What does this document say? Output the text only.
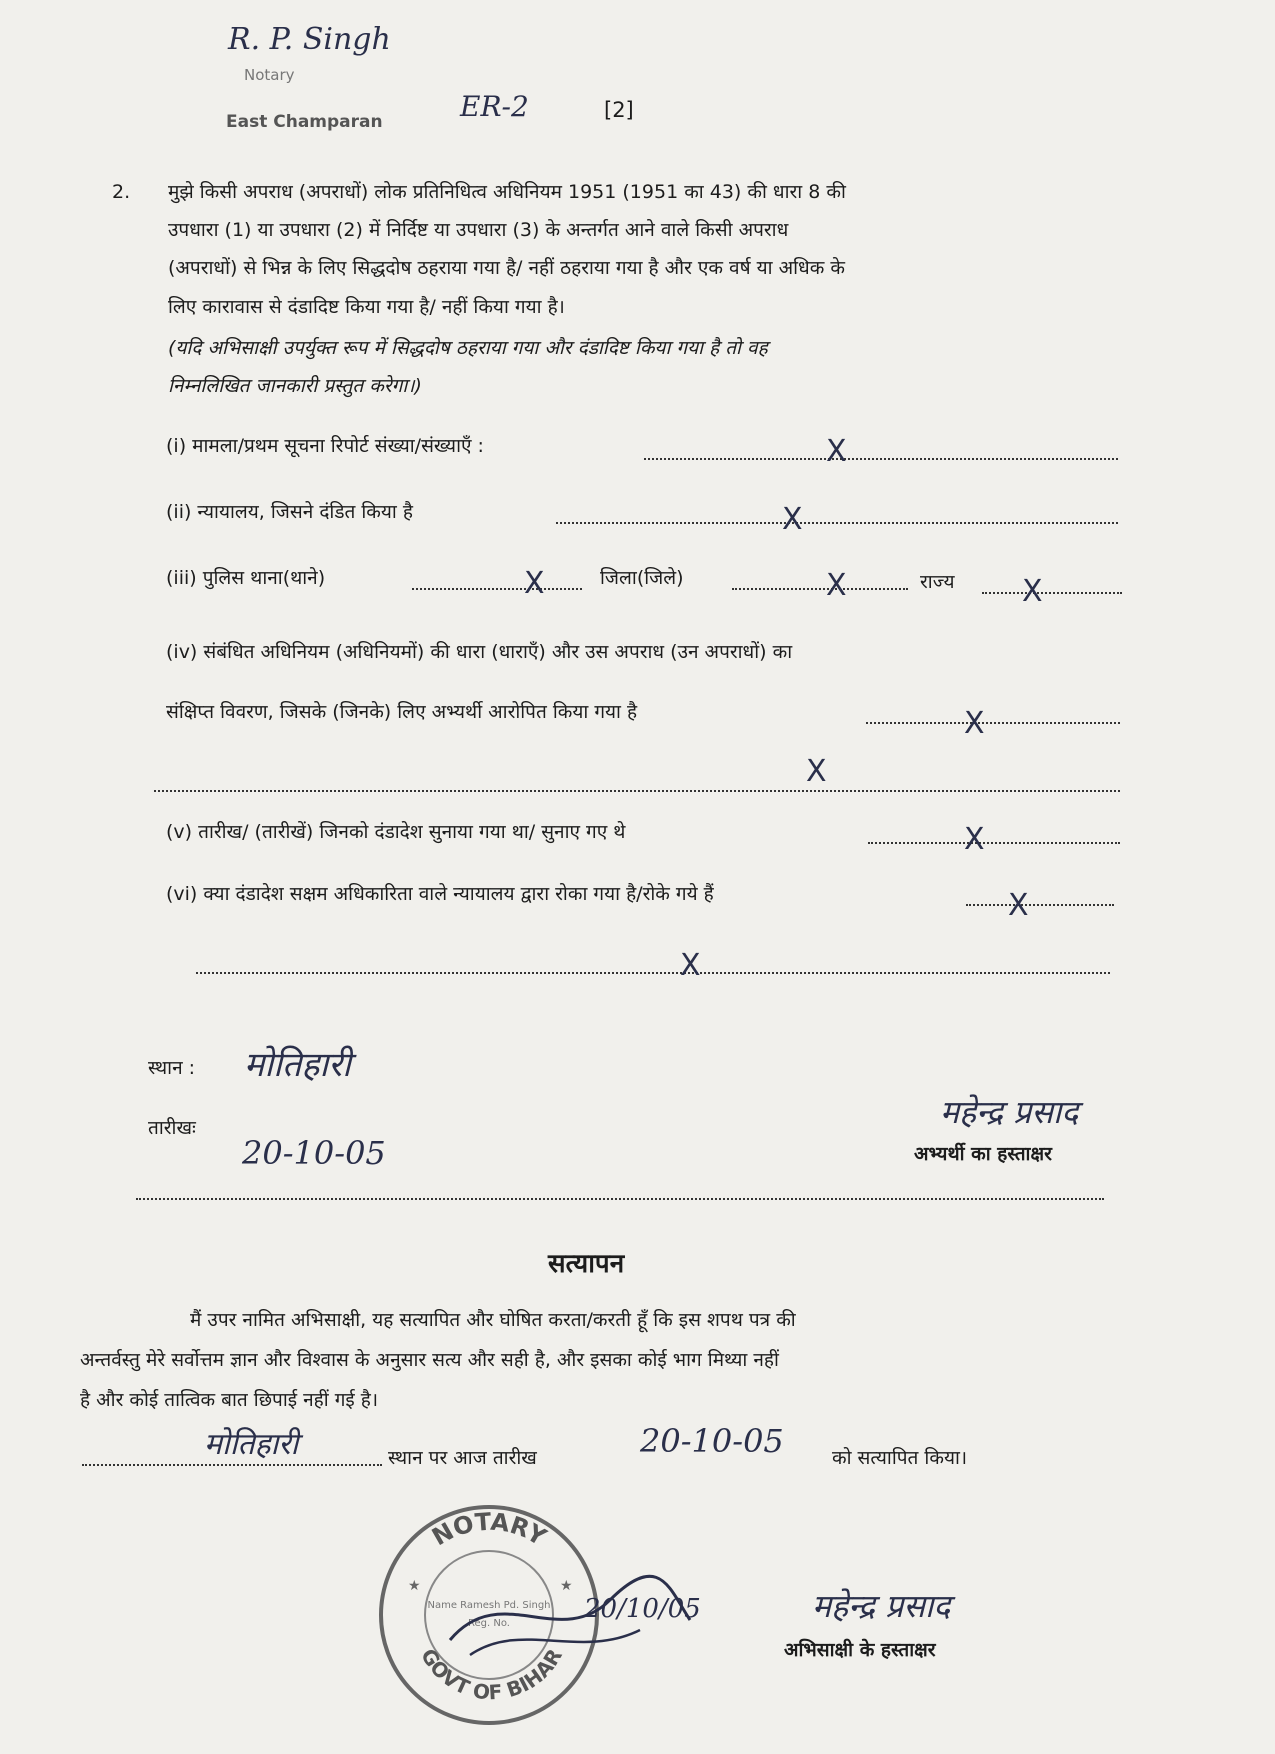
R. P. Singh
Notary
East Champaran	ER-2	[2]
2. मुझे किसी अपराध (अपराधों) लोक प्रतिनिधित्व अधिनियम 1951 (1951 का 43) की धारा 8 की
उपधारा (1) या उपधारा (2) में निर्दिष्ट या उपधारा (3) के अन्तर्गत आने वाले किसी अपराध
(अपराधों) से भिन्न के लिए सिद्धदोष ठहराया गया है/ नहीं ठहराया गया है और एक वर्ष या अधिक के
लिए कारावास से दंडादिष्ट किया गया है/ नहीं किया गया है।
(यदि अभिसाक्षी उपर्युक्त रूप में सिद्धदोष ठहराया गया और दंडादिष्ट किया गया है तो वह
निम्नलिखित जानकारी प्रस्तुत करेगा।)
(i) मामला/प्रथम सूचना रिपोर्ट संख्या/संख्याएँ :	X
(ii) न्यायालय, जिसने दंडित किया है	X
(iii) पुलिस थाना(थाने)	X	जिला(जिले)	X	राज्य X
(iv) संबंधित अधिनियम (अधिनियमों) की धारा (धाराएँ) और उस अपराध (उन अपराधों) का
संक्षिप्त विवरण, जिसके (जिनके) लिए अभ्यर्थी आरोपित किया गया है	X
X
(v) तारीख/ (तारीखें) जिनको दंडादेश सुनाया गया था/ सुनाए गए थे	X
(vi) क्या दंडादेश सक्षम अधिकारिता वाले न्यायालय द्वारा रोका गया है/रोके गये हैं	X
X
स्थान : मोतिहारी
तारीखः
20-10-05
महेन्द्र प्रसाद
अभ्यर्थी का हस्ताक्षर
सत्यापन
मैं उपर नामित अभिसाक्षी, यह सत्यापित और घोषित करता/करती हूँ कि इस शपथ पत्र की
अन्तर्वस्तु मेरे सर्वोत्तम ज्ञान और विश्वास के अनुसार सत्य और सही है, और इसका कोई भाग मिथ्या नहीं
है और कोई तात्विक बात छिपाई नहीं गई है।
मोतिहारी	स्थान पर आज तारीख	20-10-05	को सत्यापित किया।
NOTARY
GOVT OF BIHAR
Name Ramesh Pd. Singh
Reg. No.
★	★
20/10/05	महेन्द्र प्रसाद
अभिसाक्षी के हस्ताक्षर
